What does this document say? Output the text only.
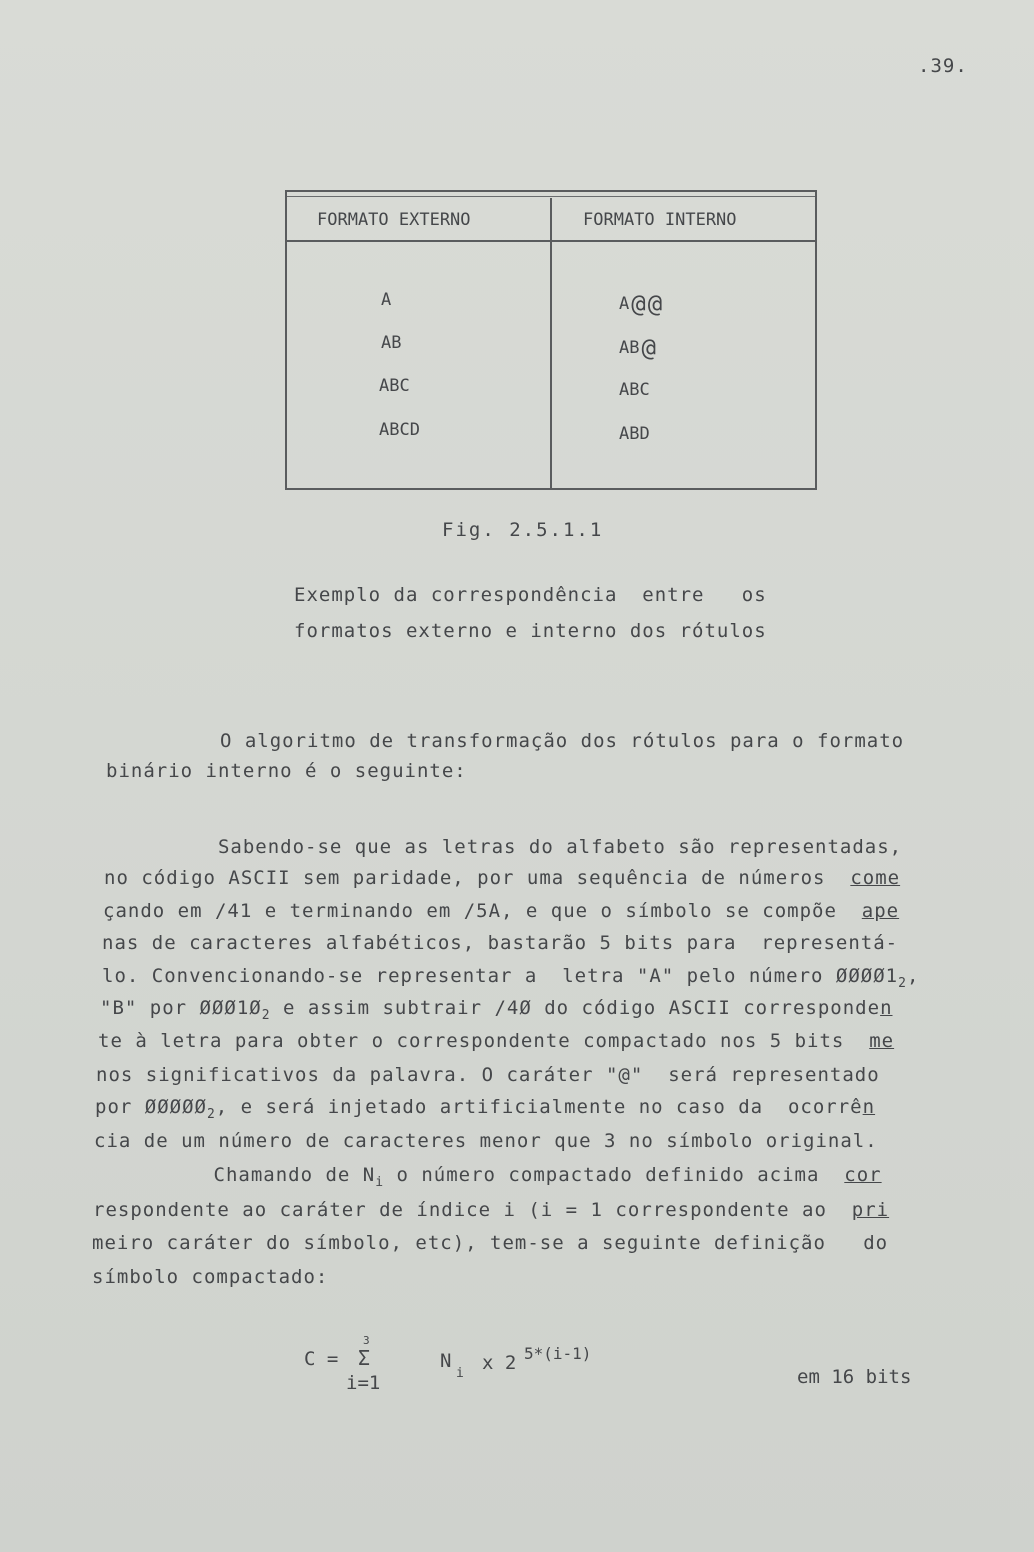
.39.
FORMATO EXTERNO	FORMATO INTERNO
A
AB
ABC
ABCD
A@@
AB@
ABC
ABD
Fig. 2.5.1.1
Exemplo da correspondência  entre   os
formatos externo e interno dos rótulos
O algoritmo de transformação dos rótulos para o formato
binário interno é o seguinte:
Sabendo-se que as letras do alfabeto são representadas,
no código ASCII sem paridade, por uma sequência de números  come
çando em /41 e terminando em /5A, e que o símbolo se compõe  ape
nas de caracteres alfabéticos, bastarão 5 bits para  representá-
lo. Convencionando-se representar a  letra "A" pelo número $ØØØØ1_2$,
"B" por $ØØØ1Ø_2$ e assim subtrair /4Ø do código ASCII corresponden
te à letra para obter o correspondente compactado nos 5 bits  me
nos significativos da palavra. O caráter "@"  será representado
por $ØØØØØ_2$, e será injetado artificialmente no caso da  ocorrên
cia de um número de caracteres menor que 3 no símbolo original.
Chamando de $N_i$ o número compactado definido acima  cor
respondente ao caráter de índice i (i = 1 correspondente ao  pri
meiro caráter do símbolo, etc), tem-se a seguinte definição   do
símbolo compactado:
C =
3
Σ
i=1
N
i x 2 5*(i-1)
em 16 bits
